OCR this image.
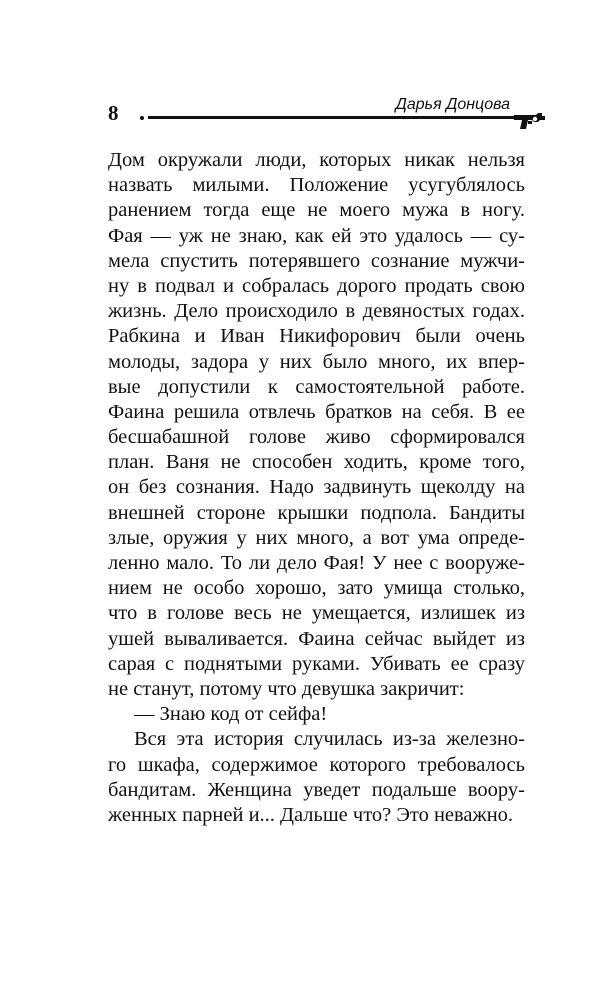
8	Дарья Донцова
Дом окружали люди, которых никак нельзя
назвать милыми. Положение усугублялось
ранением тогда еще не моего мужа в ногу.
Фая — уж не знаю, как ей это удалось — су-
мела спустить потерявшего сознание мужчи-
ну в подвал и собралась дорого продать свою
жизнь. Дело происходило в девяностых годах.
Рабкина и Иван Никифорович были очень
молоды, задора у них было много, их впер-
вые допустили к самостоятельной работе.
Фаина решила отвлечь братков на себя. В ее
бесшабашной голове живо сформировался
план. Ваня не способен ходить, кроме того,
он без сознания. Надо задвинуть щеколду на
внешней стороне крышки подпола. Бандиты
злые, оружия у них много, а вот ума опреде-
ленно мало. То ли дело Фая! У нее с вооруже-
нием не особо хорошо, зато умища столько,
что в голове весь не умещается, излишек из
ушей вываливается. Фаина сейчас выйдет из
сарая с поднятыми руками. Убивать ее сразу
не станут, потому что девушка закричит:
— Знаю код от сейфа!
Вся эта история случилась из-за железно-
го шкафа, содержимое которого требовалось
бандитам. Женщина уведет подальше воору-
женных парней и... Дальше что? Это неважно.
